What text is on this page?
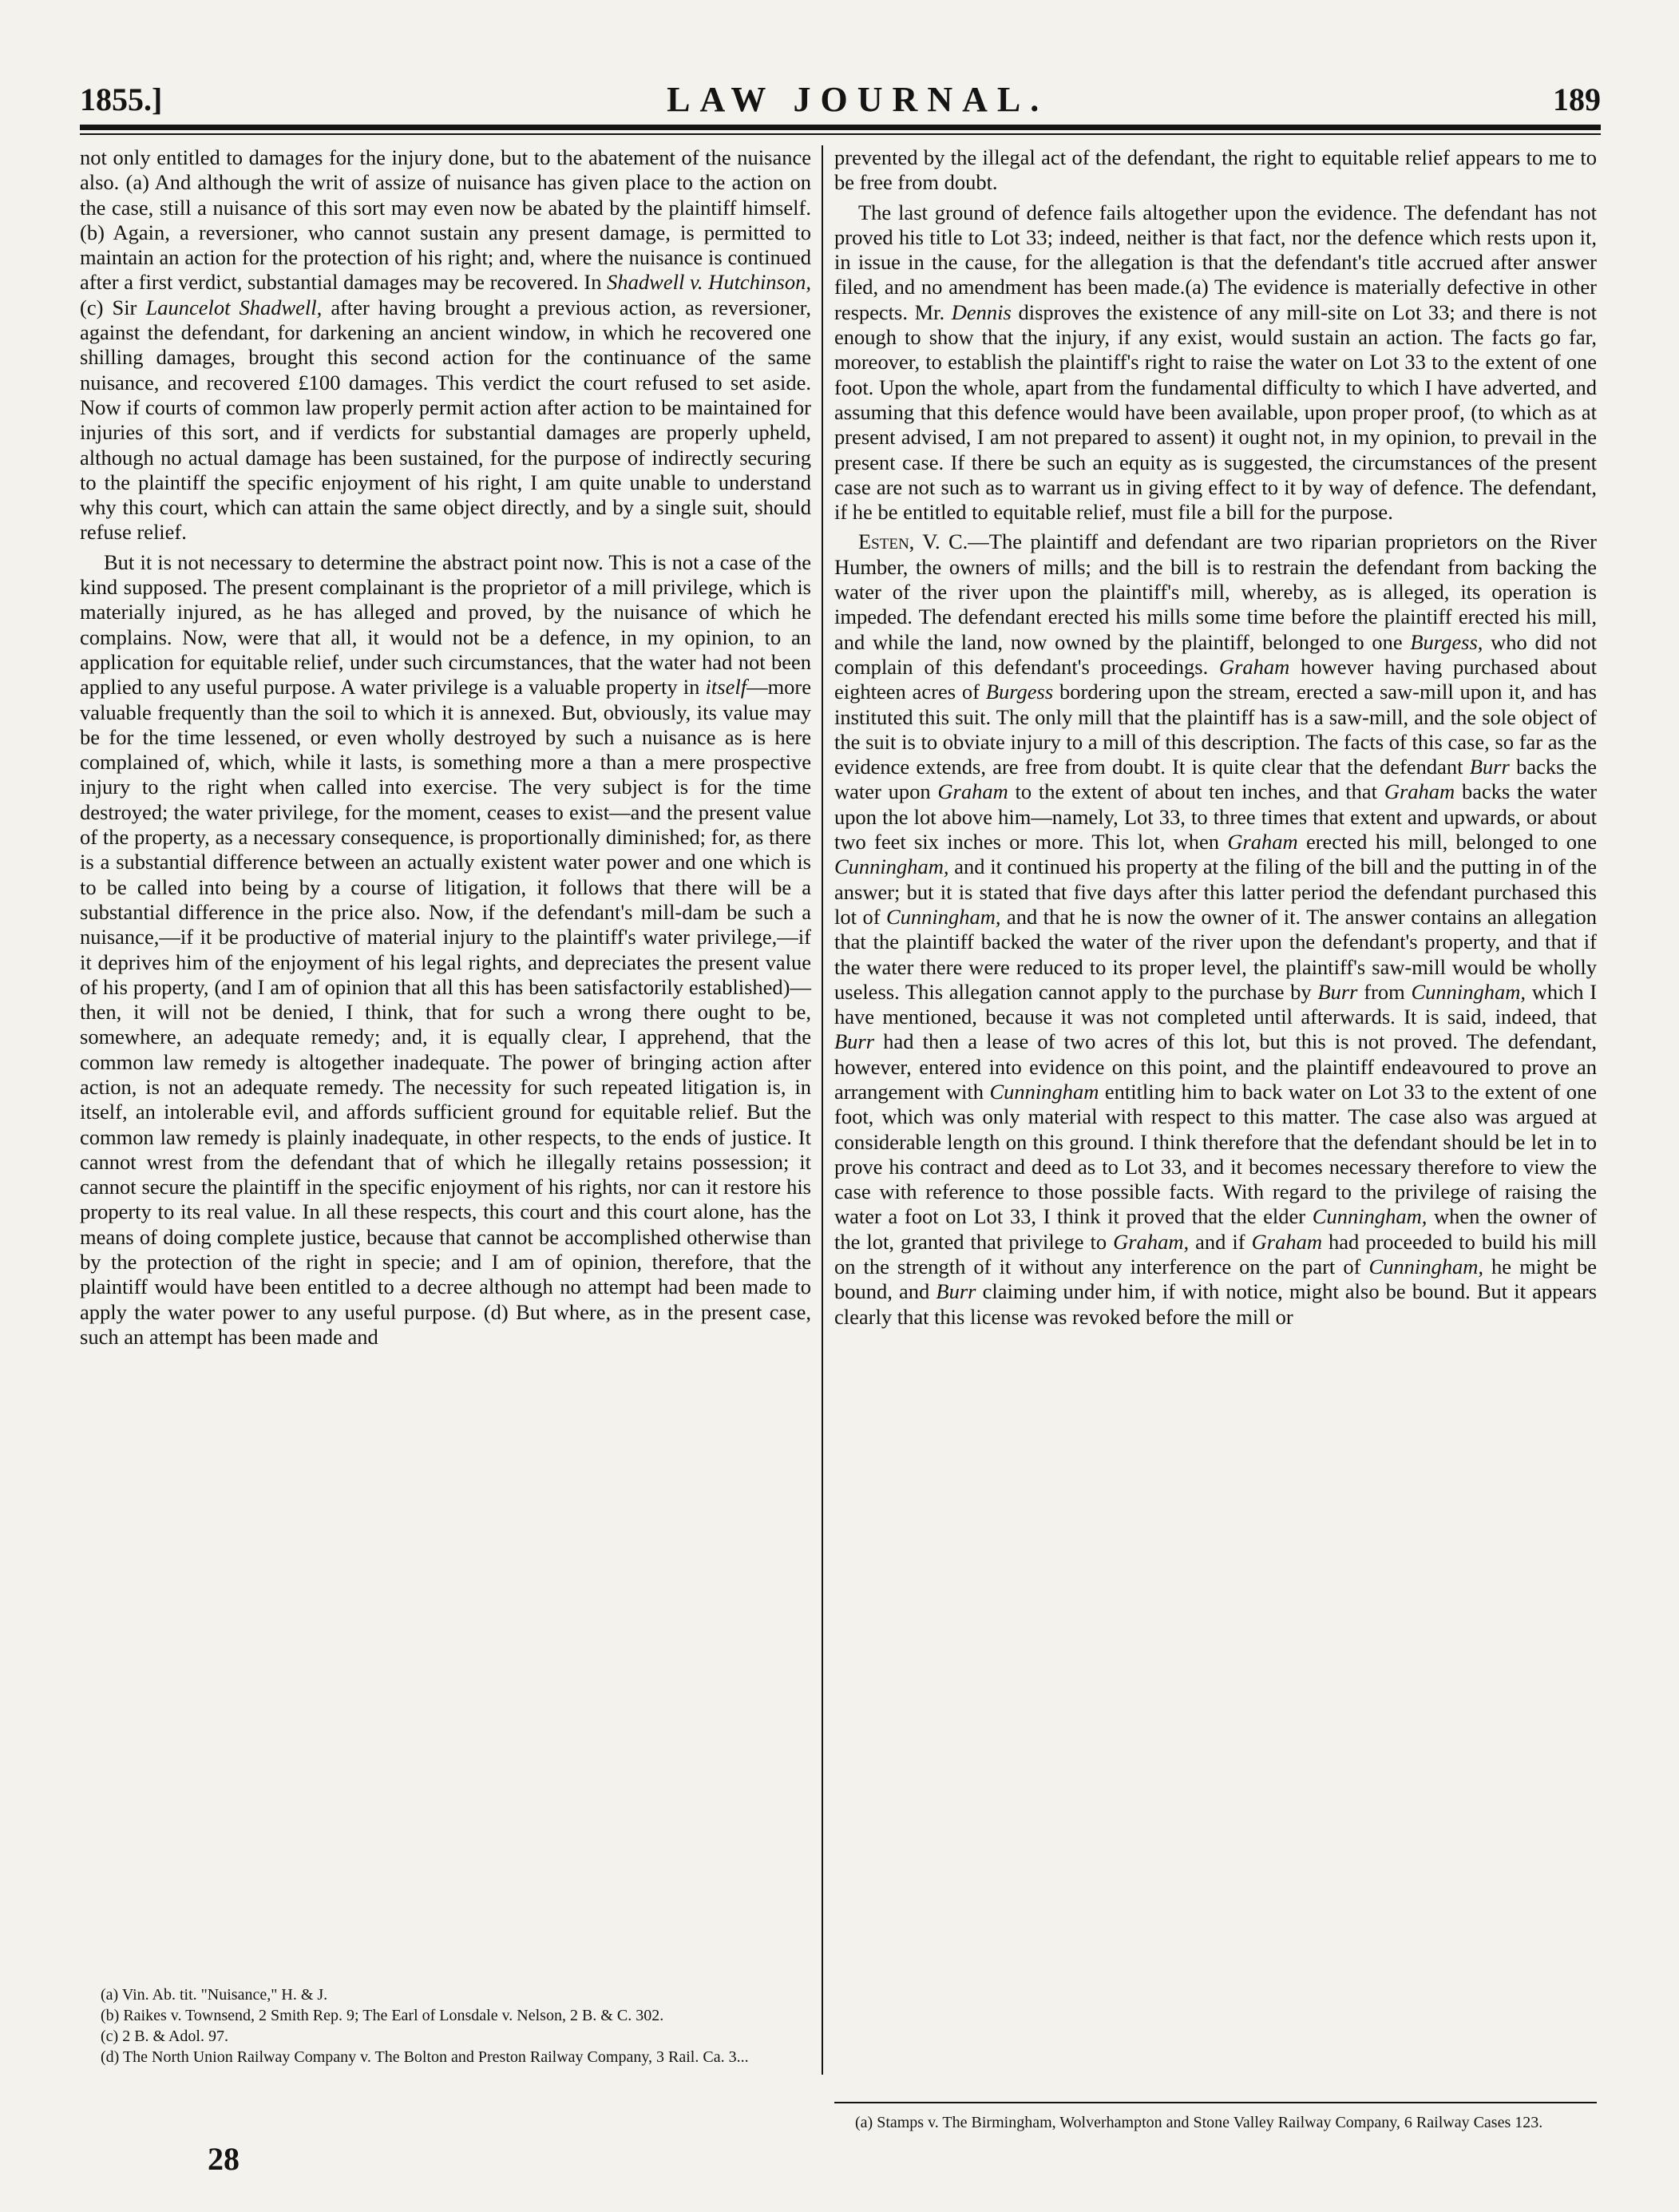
1855.]	LAW JOURNAL.	189

not only entitled to damages for the injury done, but to the abatement of the nuisance also. (a) And although the writ of assize of nuisance has given place to the action on the case, still a nuisance of this sort may even now be abated by the plaintiff himself. (b) Again, a reversioner, who cannot sustain any present damage, is permitted to maintain an action for the protection of his right; and, where the nuisance is continued after a first verdict, substantial damages may be recovered. In Shadwell v. Hutchinson, (c) Sir Launcelot Shadwell, after having brought a previous action, as reversioner, against the defendant, for darkening an ancient window, in which he recovered one shilling damages, brought this second action for the continuance of the same nuisance, and recovered £100 damages. This verdict the court refused to set aside. Now if courts of common law properly permit action after action to be maintained for injuries of this sort, and if verdicts for substantial damages are properly upheld, although no actual damage has been sustained, for the purpose of indirectly securing to the plaintiff the specific enjoyment of his right, I am quite unable to understand why this court, which can attain the same object directly, and by a single suit, should refuse relief.

But it is not necessary to determine the abstract point now. This is not a case of the kind supposed. The present complainant is the proprietor of a mill privilege, which is materially injured, as he has alleged and proved, by the nuisance of which he complains. Now, were that all, it would not be a defence, in my opinion, to an application for equitable relief, under such circumstances, that the water had not been applied to any useful purpose. A water privilege is a valuable property in itself—more valuable frequently than the soil to which it is annexed. But, obviously, its value may be for the time lessened, or even wholly destroyed by such a nuisance as is here complained of, which, while it lasts, is something more a than a mere prospective injury to the right when called into exercise. The very subject is for the time destroyed; the water privilege, for the moment, ceases to exist—and the present value of the property, as a necessary consequence, is proportionally diminished; for, as there is a substantial difference between an actually existent water power and one which is to be called into being by a course of litigation, it follows that there will be a substantial difference in the price also. Now, if the defendant's mill-dam be such a nuisance,—if it be productive of material injury to the plaintiff's water privilege,—if it deprives him of the enjoyment of his legal rights, and depreciates the present value of his property, (and I am of opinion that all this has been satisfactorily established)—then, it will not be denied, I think, that for such a wrong there ought to be, somewhere, an adequate remedy; and, it is equally clear, I apprehend, that the common law remedy is altogether inadequate. The power of bringing action after action, is not an adequate remedy. The necessity for such repeated litigation is, in itself, an intolerable evil, and affords sufficient ground for equitable relief. But the common law remedy is plainly inadequate, in other respects, to the ends of justice. It cannot wrest from the defendant that of which he illegally retains possession; it cannot secure the plaintiff in the specific enjoyment of his rights, nor can it restore his property to its real value. In all these respects, this court and this court alone, has the means of doing complete justice, because that cannot be accomplished otherwise than by the protection of the right in specie; and I am of opinion, therefore, that the plaintiff would have been entitled to a decree although no attempt had been made to apply the water power to any useful purpose. (d) But where, as in the present case, such an attempt has been made and

prevented by the illegal act of the defendant, the right to equitable relief appears to me to be free from doubt.

The last ground of defence fails altogether upon the evidence. The defendant has not proved his title to Lot 33; indeed, neither is that fact, nor the defence which rests upon it, in issue in the cause, for the allegation is that the defendant's title accrued after answer filed, and no amendment has been made.(a) The evidence is materially defective in other respects. Mr. Dennis disproves the existence of any mill-site on Lot 33; and there is not enough to show that the injury, if any exist, would sustain an action. The facts go far, moreover, to establish the plaintiff's right to raise the water on Lot 33 to the extent of one foot. Upon the whole, apart from the fundamental difficulty to which I have adverted, and assuming that this defence would have been available, upon proper proof, (to which as at present advised, I am not prepared to assent) it ought not, in my opinion, to prevail in the present case. If there be such an equity as is suggested, the circumstances of the present case are not such as to warrant us in giving effect to it by way of defence. The defendant, if he be entitled to equitable relief, must file a bill for the purpose.

Esten, V. C.—The plaintiff and defendant are two riparian proprietors on the River Humber, the owners of mills; and the bill is to restrain the defendant from backing the water of the river upon the plaintiff's mill, whereby, as is alleged, its operation is impeded. The defendant erected his mills some time before the plaintiff erected his mill, and while the land, now owned by the plaintiff, belonged to one Burgess, who did not complain of this defendant's proceedings. Graham however having purchased about eighteen acres of Burgess bordering upon the stream, erected a saw-mill upon it, and has instituted this suit. The only mill that the plaintiff has is a saw-mill, and the sole object of the suit is to obviate injury to a mill of this description. The facts of this case, so far as the evidence extends, are free from doubt. It is quite clear that the defendant Burr backs the water upon Graham to the extent of about ten inches, and that Graham backs the water upon the lot above him—namely, Lot 33, to three times that extent and upwards, or about two feet six inches or more. This lot, when Graham erected his mill, belonged to one Cunningham, and it continued his property at the filing of the bill and the putting in of the answer; but it is stated that five days after this latter period the defendant purchased this lot of Cunningham, and that he is now the owner of it. The answer contains an allegation that the plaintiff backed the water of the river upon the defendant's property, and that if the water there were reduced to its proper level, the plaintiff's saw-mill would be wholly useless. This allegation cannot apply to the purchase by Burr from Cunningham, which I have mentioned, because it was not completed until afterwards. It is said, indeed, that Burr had then a lease of two acres of this lot, but this is not proved. The defendant, however, entered into evidence on this point, and the plaintiff endeavoured to prove an arrangement with Cunningham entitling him to back water on Lot 33 to the extent of one foot, which was only material with respect to this matter. The case also was argued at considerable length on this ground. I think therefore that the defendant should be let in to prove his contract and deed as to Lot 33, and it becomes necessary therefore to view the case with reference to those possible facts. With regard to the privilege of raising the water a foot on Lot 33, I think it proved that the elder Cunningham, when the owner of the lot, granted that privilege to Graham, and if Graham had proceeded to build his mill on the strength of it without any interference on the part of Cunningham, he might be bound, and Burr claiming under him, if with notice, might also be bound. But it appears clearly that this license was revoked before the mill or

(a) Vin. Ab. tit. "Nuisance," H. & J.

(b) Raikes v. Townsend, 2 Smith Rep. 9; The Earl of Lonsdale v. Nelson, 2 B. & C. 302.

(c) 2 B. & Adol. 97.

(d) The North Union Railway Company v. The Bolton and Preston Railway Company, 3 Rail. Ca. 3...

28

(a) Stamps v. The Birmingham, Wolverhampton and Stone Valley Railway Company, 6 Railway Cases 123.
